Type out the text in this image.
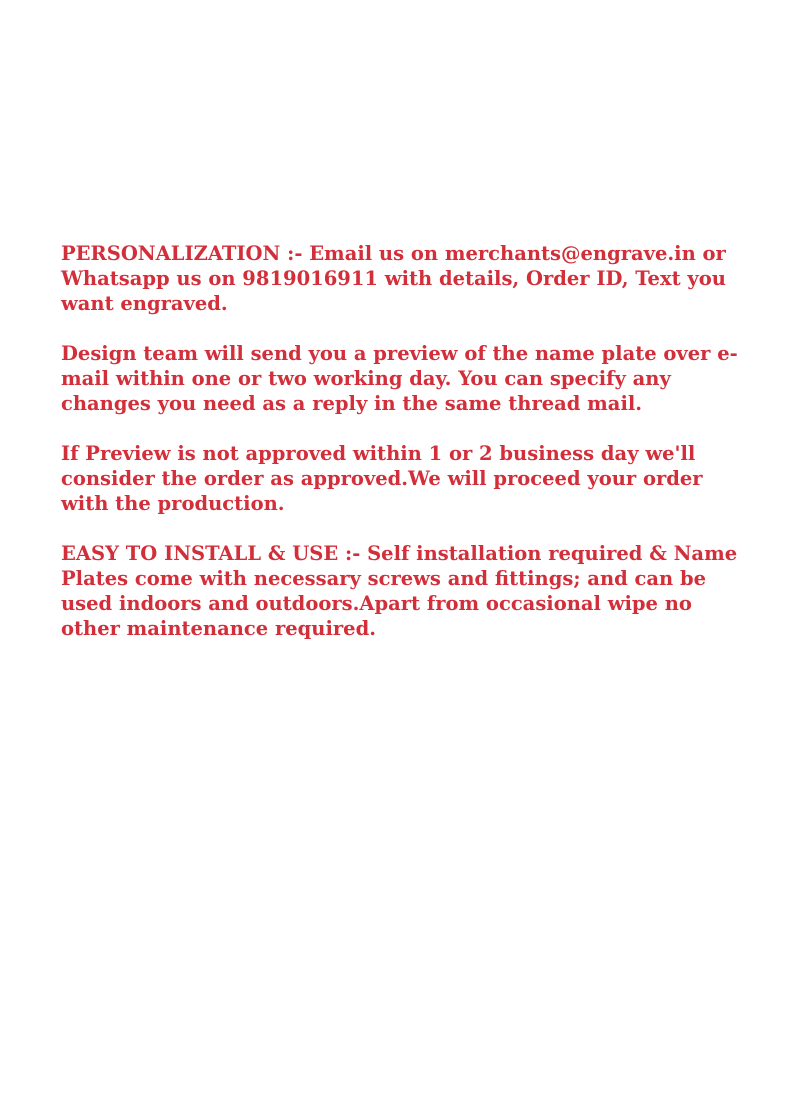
PERSONALIZATION :- Email us on merchants@engrave.in or
Whatsapp us on 9819016911 with details, Order ID, Text you
want engraved.

Design team will send you a preview of the name plate over e-
mail within one or two working day. You can specify any
changes you need as a reply in the same thread mail.

If Preview is not approved within 1 or 2 business day we'll
consider the order as approved.We will proceed your order
with the production.

EASY TO INSTALL & USE :- Self installation required & Name
Plates come with necessary screws and fittings; and can be
used indoors and outdoors.Apart from occasional wipe no
other maintenance required.
